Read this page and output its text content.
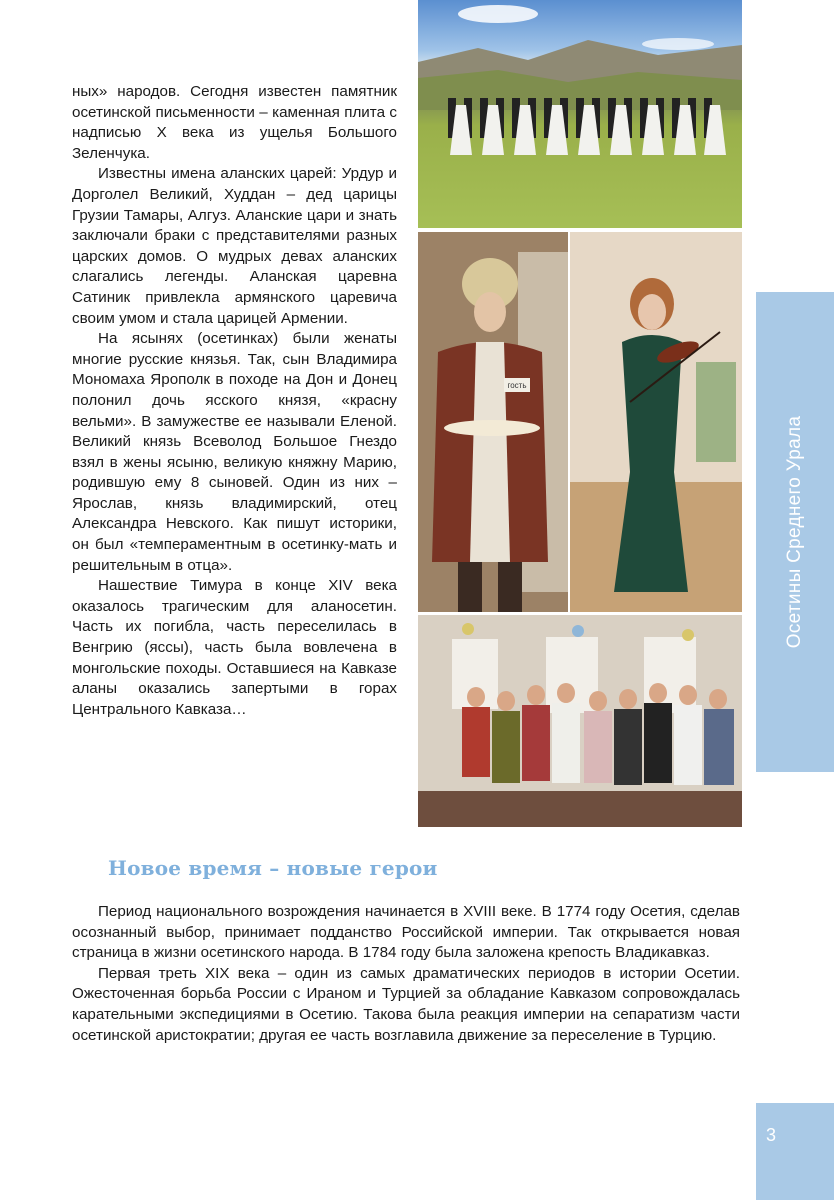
ных» народов. Сегодня известен памятник осетинской письменности – каменная плита с надписью X века из ущелья Большого Зеленчука.

Известны имена аланских царей: Урдур и Дорголел Великий, Худдан – дед царицы Грузии Тамары, Алгуз. Аланские цари и знать заключали браки с представителями разных царских домов. О мудрых девах аланских слагались легенды. Аланская царевна Сатиник привлекла армянского царевича своим умом и стала царицей Армении.

На ясынях (осетинках) были женаты многие русские князья. Так, сын Владимира Мономаха Ярополк в походе на Дон и Донец полонил дочь ясского князя, «красну вельми». В замужестве ее называли Еленой. Великий князь Всеволод Большое Гнездо взял в жены ясыню, великую княжну Марию, родившую ему 8 сыновей. Один из них – Ярослав, князь владимирский, отец Александра Невского. Как пишут историки, он был «темпераментным в осетинку-мать и решительным в отца».

Нашествие Тимура в конце XIV века оказалось трагическим для аланосетин. Часть их погибла, часть переселилась в Венгрию (яссы), часть была вовлечена в монгольские походы. Оставшиеся на Кавказе аланы оказались запертыми в горах Центрального Кавказа…

гость
Осетины Среднего Урала
Новое время – новые герои

Период национального возрождения начинается в XVIII веке. В 1774 году Осетия, сделав осознанный выбор, принимает подданство Российской империи. Так открывается новая страница в жизни осетинского народа. В 1784 году была заложена крепость Владикавказ.

Первая треть XIX века – один из самых драматических периодов в истории Осетии. Ожесточенная борьба России с Ираном и Турцией за обладание Кавказом сопровождалась карательными экспедициями в Осетию. Такова была реакция империи на сепаратизм части осетинской аристократии; другая ее часть возглавила движение за переселение в Турцию.

3
